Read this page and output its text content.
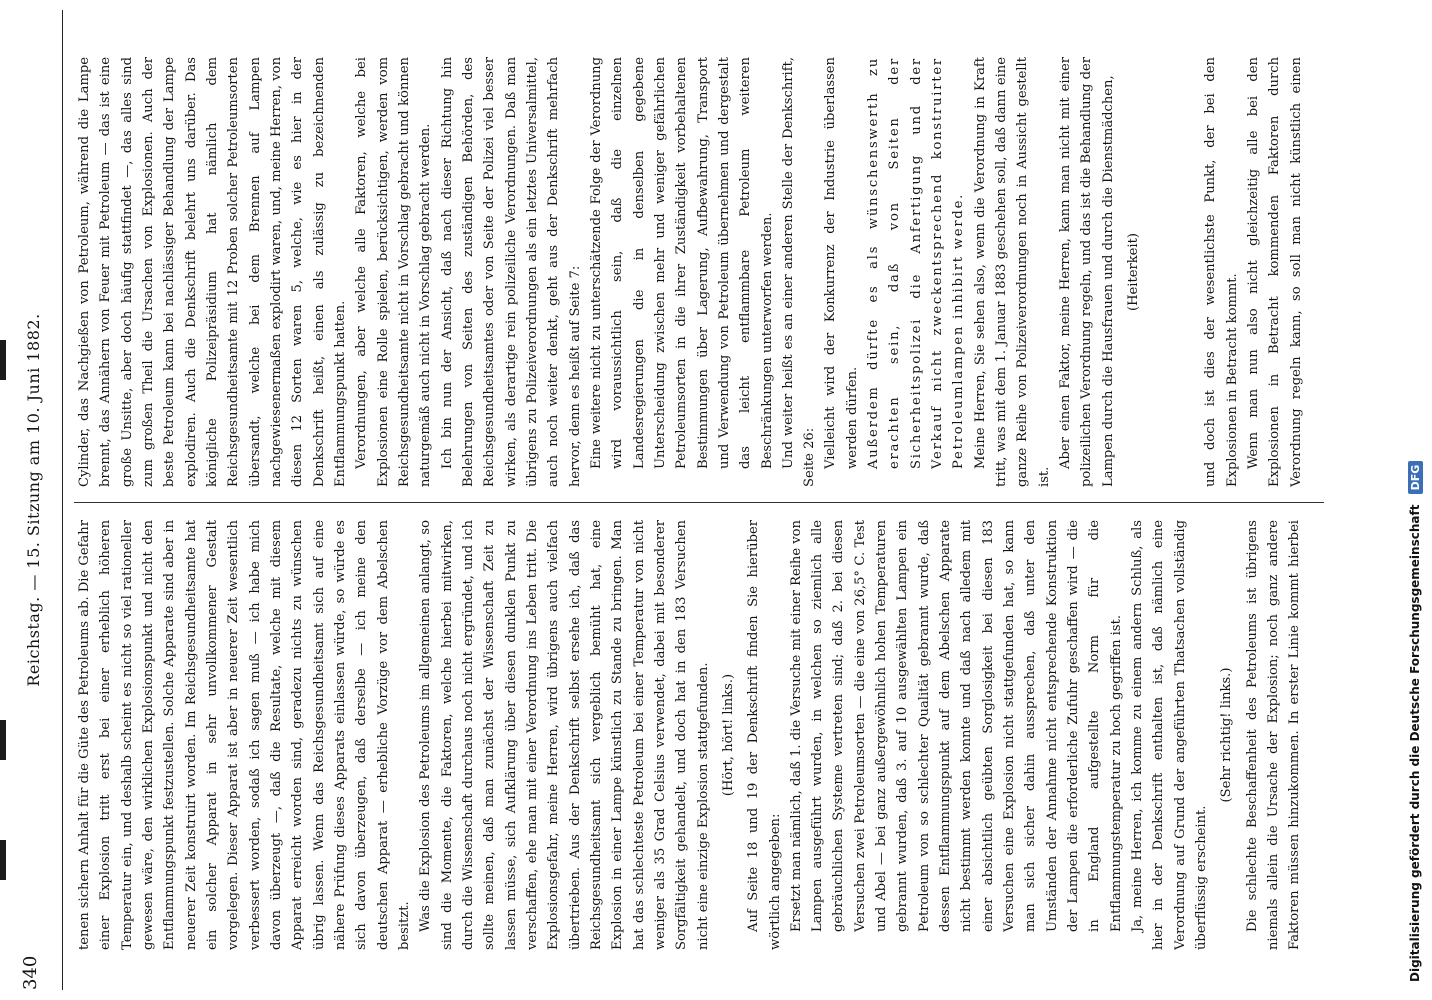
340
Reichstag. — 15. Sitzung am 10. Juni 1882.

tenen sichern Anhalt für die Güte des Petroleums ab. Die Gefahr einer Explosion tritt erst bei einer erheblich höheren Temperatur ein, und deshalb scheint es nicht so viel rationeller gewesen wäre, den wirklichen Explosionspunkt und nicht den Entflammungspunkt festzustellen. Solche Apparate sind aber in neuerer Zeit konstruirt worden. Im Reichsgesundheitsamte hat ein solcher Apparat in sehr unvollkommener Gestalt vorgelegen. Dieser Apparat ist aber in neuerer Zeit wesentlich verbessert worden, sodaß ich sagen muß — ich habe mich davon überzeugt —, daß die Resultate, welche mit diesem Apparat erreicht worden sind, geradezu nichts zu wünschen übrig lassen. Wenn das Reichsgesundheitsamt sich auf eine nähere Prüfung dieses Apparats einlassen würde, so würde es sich davon überzeugen, daß derselbe — ich meine den deutschen Apparat — erhebliche Vorzüge vor dem Abelschen besitzt. Was die Explosion des Petroleums im allgemeinen anlangt, so sind die Momente, die Faktoren, welche hierbei mitwirken, durch die Wissenschaft durchaus noch nicht ergründet, und ich sollte meinen, daß man zunächst der Wissenschaft Zeit zu lassen müsse, sich Aufklärung über diesen dunklen Punkt zu verschaffen, ehe man mit einer Verordnung ins Leben tritt. Die Explosionsgefahr, meine Herren, wird übrigens auch vielfach übertrieben. Aus der Denkschrift selbst ersehe ich, daß das Reichsgesundheitsamt sich vergeblich bemüht hat, eine Explosion in einer Lampe künstlich zu Stande zu bringen. Man hat das schlechteste Petroleum bei einer Temperatur von nicht weniger als 35 Grad Celsius verwendet, dabei mit besonderer Sorgfältigkeit gehandelt, und doch hat in den 183 Versuchen nicht eine einzige Explosion stattgefunden. (Hört, hört! links.) Auf Seite 18 und 19 der Denkschrift finden Sie hierüber wörtlich angegeben: Ersetzt man nämlich, daß 1. die Versuche mit einer Reihe von Lampen ausgeführt wurden, in welchen so ziemlich alle gebräuchlichen Systeme vertreten sind; daß 2. bei diesen Versuchen zwei Petroleumsorten — die eine von 26,5° C. Test und Abel — bei ganz außergewöhnlich hohen Temperaturen gebrannt wurden, daß 3. auf 10 ausgewählten Lampen ein Petroleum von so schlechter Qualität gebrannt wurde, daß dessen Entflammungspunkt auf dem Abelschen Apparate nicht bestimmt werden konnte und daß nach alledem mit einer absichtlich geübten Sorglosigkeit bei diesen 183 Versuchen eine Explosion nicht stattgefunden hat, so kann man sich sicher dahin aussprechen, daß unter den Umständen der Annahme nicht entsprechende Konstruktion der Lampen die erforderliche Zufuhr geschaffen wird — die in England aufgestellte Norm für die Entflammungstemperatur zu hoch gegriffen ist. Ja, meine Herren, ich komme zu einem andern Schluß, als hier in der Denkschrift enthalten ist, daß nämlich eine Verordnung auf Grund der angeführten Thatsachen vollständig überflüssig erscheint.

(Sehr richtig! links.)

Die schlechte Beschaffenheit des Petroleums ist übrigens niemals allein die Ursache der Explosion; noch ganz andere Faktoren müssen hinzukommen. In erster Linie kommt hierbei

Cylinder, das Nachgießen von Petroleum, während die Lampe brennt, das Annähern von Feuer mit Petroleum — das ist eine große Unsitte, aber doch häufig stattfindet —, das alles sind zum großen Theil die Ursachen von Explosionen. Auch der beste Petroleum kann bei nachlässiger Behandlung der Lampe explodiren. Auch die Denkschrift belehrt uns darüber. Das königliche Polizeipräsidium hat nämlich dem Reichsgesundheitsamte mit 12 Proben solcher Petroleumsorten übersandt, welche bei dem Brennen auf Lampen nachgewiesenermaßen explodirt waren, und, meine Herren, von diesen 12 Sorten waren 5, welche, wie es hier in der Denkschrift heißt, einen als zulässig zu bezeichnenden Entflammungspunkt hatten. Verordnungen, aber welche alle Faktoren, welche bei Explosionen eine Rolle spielen, berücksichtigen, werden vom Reichsgesundheitsamte nicht in Vorschlag gebracht und können naturgemäß auch nicht in Vorschlag gebracht werden. Ich bin nun der Ansicht, daß nach dieser Richtung hin Belehrungen von Seiten des zuständigen Behörden, des Reichsgesundheitsamtes oder von Seite der Polizei viel besser wirken, als derartige rein polizeiliche Verordnungen. Daß man übrigens zu Polizeiverordnungen als ein letztes Universalmittel, auch noch weiter denkt, geht aus der Denkschrift mehrfach hervor, denn es heißt auf Seite 7: Eine weitere nicht zu unterschätzende Folge der Verordnung wird voraussichtlich sein, daß die einzelnen Landesregierungen die in denselben gegebene Unterscheidung zwischen mehr und weniger gefährlichen Petroleumsorten in die ihrer Zuständigkeit vorbehaltenen Bestimmungen über Lagerung, Aufbewahrung, Transport und Verwendung von Petroleum übernehmen und dergestalt das leicht entflammbare Petroleum weiteren Beschränkungen unterworfen werden. Und weiter heißt es an einer anderen Stelle der Denkschrift, Seite 26: Vielleicht wird der Konkurrenz der Industrie überlassen werden dürfen. Außerdem dürfte es als wünschenswerth zu erachten sein, daß von Seiten der Sicherheitspolizei die Anfertigung und der Verkauf nicht zweckentsprechend konstruirter Petroleumlampen inhibirt werde. Meine Herren, Sie sehen also, wenn die Verordnung in Kraft tritt, was mit dem 1. Januar 1883 geschehen soll, daß dann eine ganze Reihe von Polizeiverordnungen noch in Aussicht gestellt ist.

Aber einen Faktor, meine Herren, kann man nicht mit einer polizeilichen Verordnung regeln, und das ist die Behandlung der Lampen durch die Hausfrauen und durch die Dienstmädchen, (Heiterkeit)	und doch ist dies der wesentlichste Punkt, der bei den Explosionen in Betracht kommt. Wenn man nun also nicht gleichzeitig alle bei den Explosionen in Betracht kommenden Faktoren durch Verordnung regeln kann, so soll man nicht künstlich einen

Digitalisierung gefördert durch die Deutsche Forschungsgemeinschaft DFG
